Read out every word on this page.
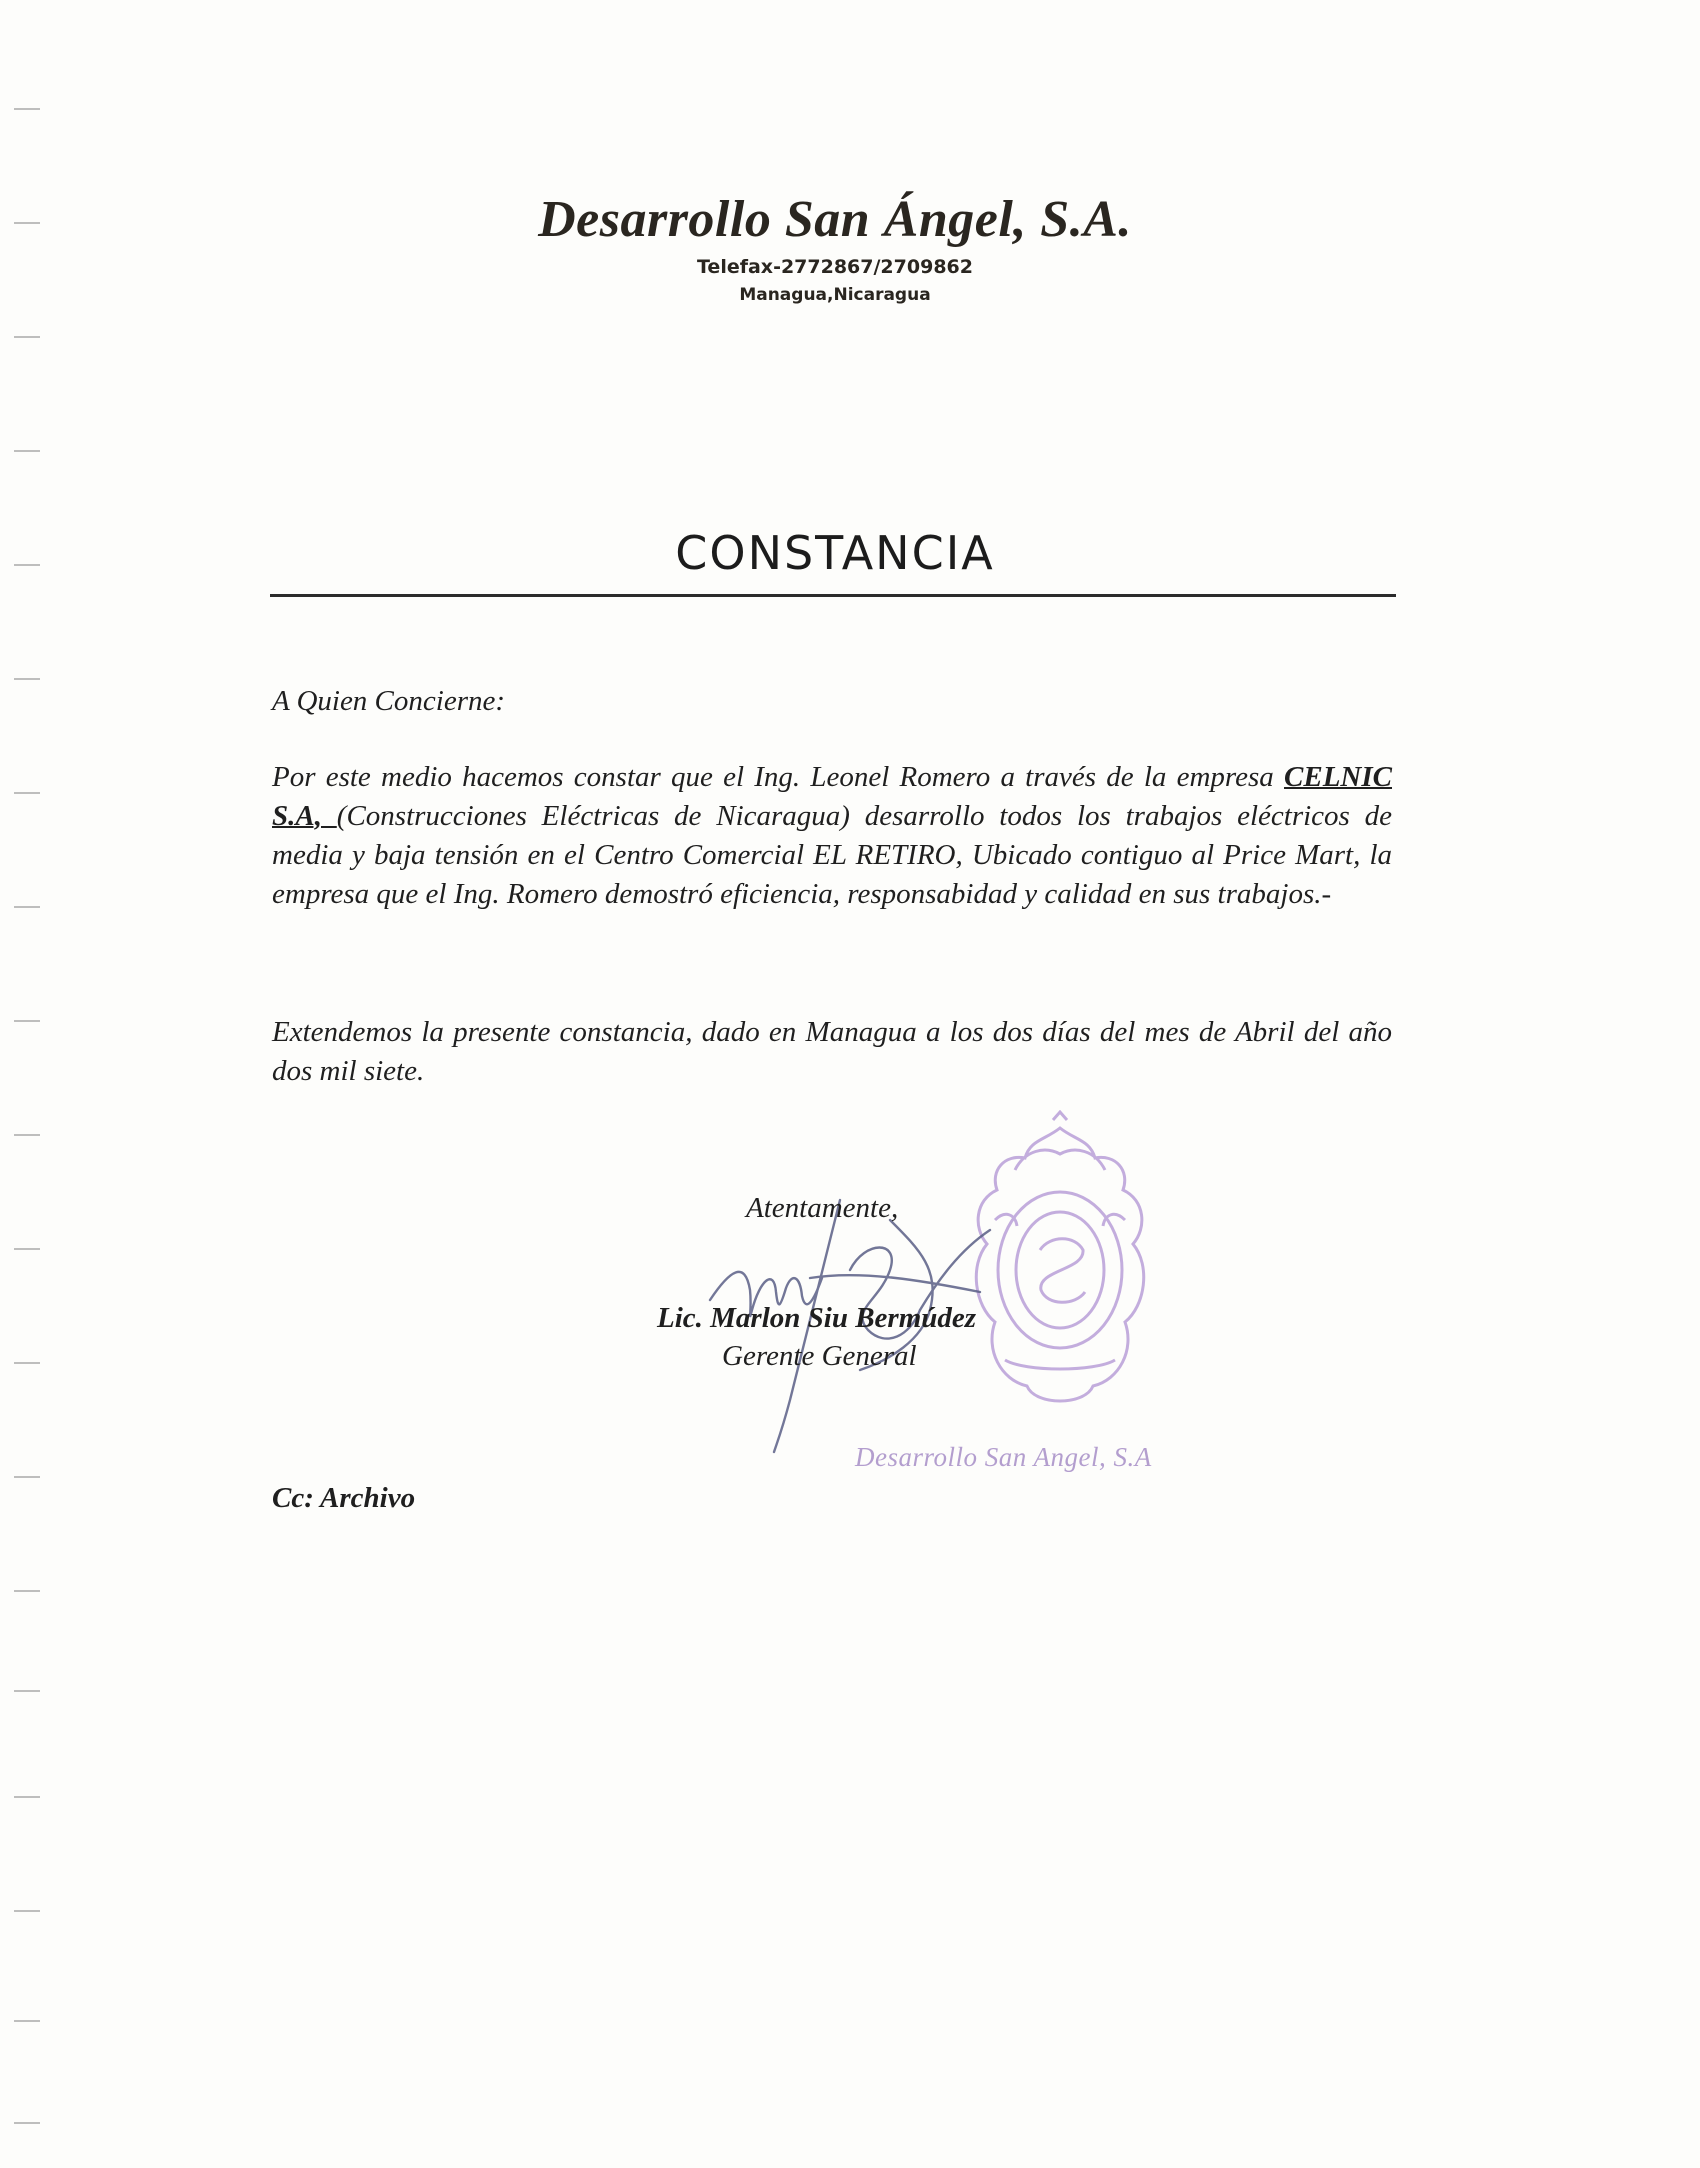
Desarrollo San Ángel, S.A.
Telefax-2772867/2709862
Managua,Nicaragua
CONSTANCIA
A Quien Concierne:
Por este medio hacemos constar que el Ing. Leonel Romero a través de la empresa CELNIC S.A, (Construcciones Eléctricas de Nicaragua) desarrollo todos los trabajos eléctricos de media y baja tensión en el Centro Comercial EL RETIRO, Ubicado contiguo al Price Mart, la empresa que el Ing. Romero demostró eficiencia, responsabidad y calidad en sus trabajos.-
Extendemos la presente constancia, dado en Managua a los dos días del mes de Abril del año dos mil siete.
Atentamente,
Lic. Marlon Siu Bermúdez
Gerente General
Desarrollo San Angel, S.A
Cc: Archivo
